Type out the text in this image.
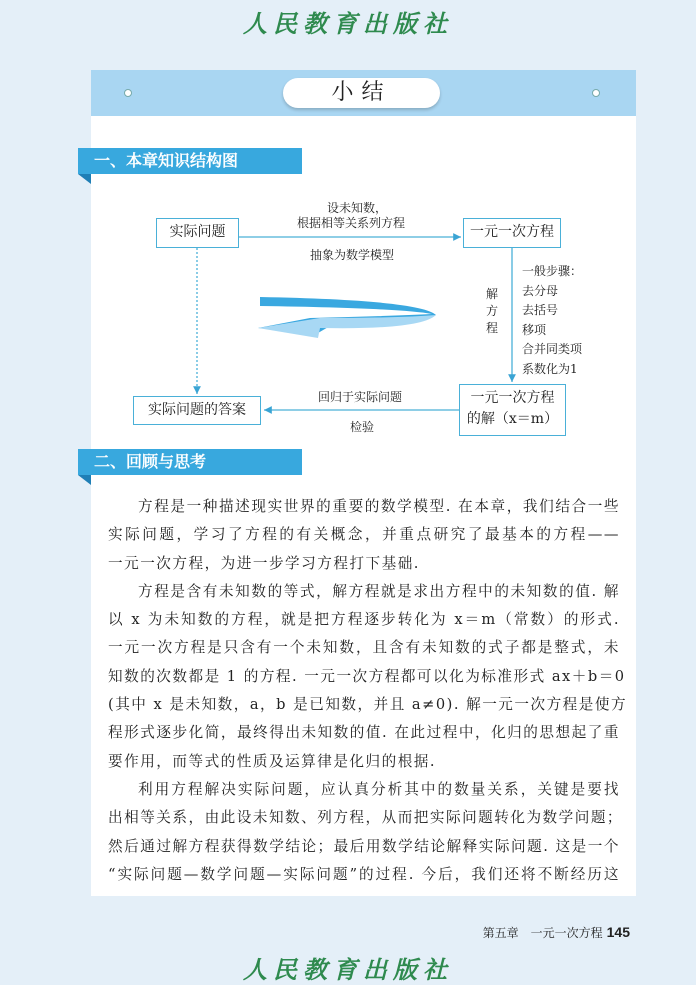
人民教育出版社
小结
一、本章知识结构图
二、回顾与思考
实际问题	一元一次方程
实际问题的答案
一元一次方程
的解（x＝m）
设未知数，
根据相等关系列方程
抽象为数学模型
解方程
一般步骤：
去分母
去括号
移项
合并同类项
系数化为1
回归于实际问题
检验
方程是一种描述现实世界的重要的数学模型. 在本章，我们结合一些
实际问题，学习了方程的有关概念，并重点研究了最基本的方程——
一元一次方程，为进一步学习方程打下基础.
方程是含有未知数的等式，解方程就是求出方程中的未知数的值. 解
以 x 为未知数的方程，就是把方程逐步转化为 x＝m（常数）的形式.
一元一次方程是只含有一个未知数，且含有未知数的式子都是整式，未
知数的次数都是 1 的方程. 一元一次方程都可以化为标准形式 ax＋b＝0
(其中 x 是未知数，a，b 是已知数，并且 a≠0). 解一元一次方程是使方
程形式逐步化简，最终得出未知数的值. 在此过程中，化归的思想起了重
要作用，而等式的性质及运算律是化归的根据.
利用方程解决实际问题，应认真分析其中的数量关系，关键是要找
出相等关系，由此设未知数、列方程，从而把实际问题转化为数学问题；
然后通过解方程获得数学结论；最后用数学结论解释实际问题. 这是一个
“实际问题—数学问题—实际问题”的过程. 今后，我们还将不断经历这
第五章　一元一次方程 145
人民教育出版社
